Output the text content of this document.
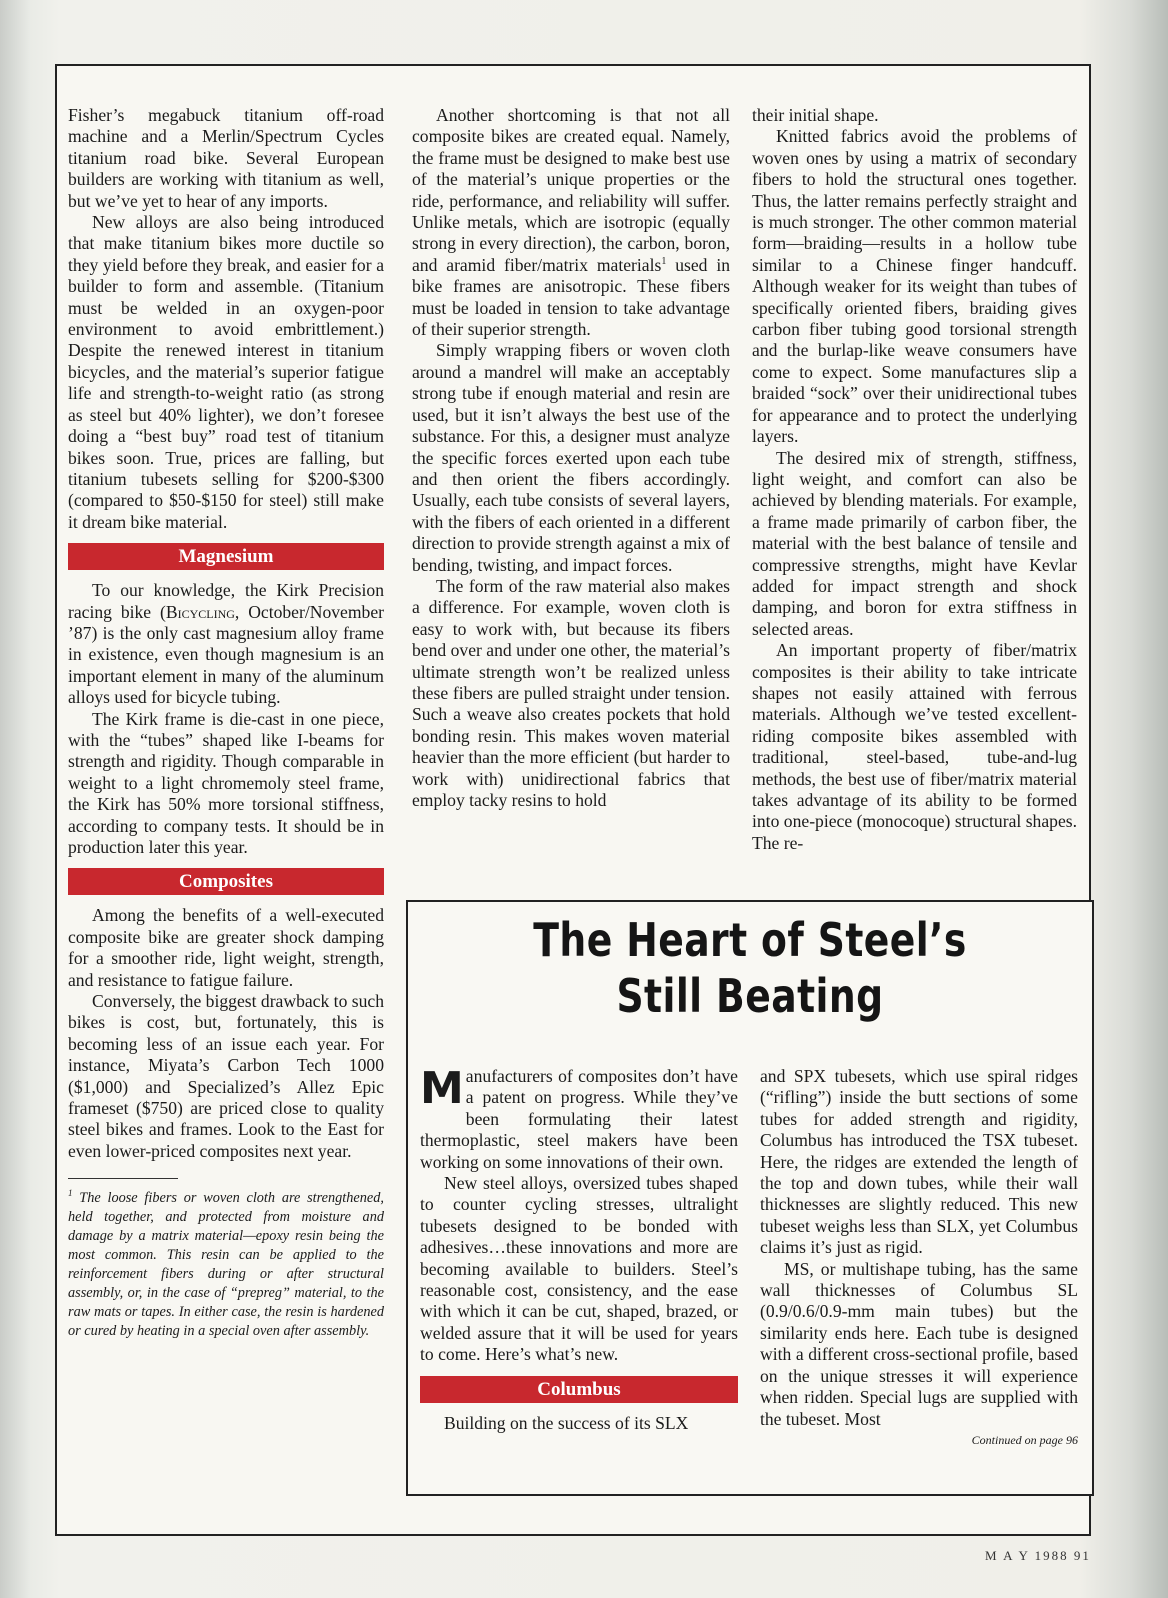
Fisher’s megabuck titanium off-road machine and a Merlin/Spectrum Cycles titanium road bike. Several European builders are working with titanium as well, but we’ve yet to hear of any imports.

New alloys are also being introduced that make titanium bikes more ductile so they yield before they break, and easier for a builder to form and assemble. (Titanium must be welded in an oxygen-poor environment to avoid embrittlement.) Despite the renewed interest in titanium bicycles, and the material’s superior fatigue life and strength-to-weight ratio (as strong as steel but 40% lighter), we don’t foresee doing a “best buy” road test of titanium bikes soon. True, prices are falling, but titanium tubesets selling for $200-$300 (compared to $50-$150 for steel) still make it dream bike material.

Magnesium

To our knowledge, the Kirk Precision racing bike (Bicycling, October/November ’87) is the only cast magnesium alloy frame in existence, even though magnesium is an important element in many of the aluminum alloys used for bicycle tubing.

The Kirk frame is die-cast in one piece, with the “tubes” shaped like I-beams for strength and rigidity. Though comparable in weight to a light chromemoly steel frame, the Kirk has 50% more torsional stiffness, according to company tests. It should be in production later this year.

Composites

Among the benefits of a well-executed composite bike are greater shock damping for a smoother ride, light weight, strength, and resistance to fatigue failure.

Conversely, the biggest drawback to such bikes is cost, but, fortunately, this is becoming less of an issue each year. For instance, Miyata’s Carbon Tech 1000 ($1,000) and Specialized’s Allez Epic frameset ($750) are priced close to quality steel bikes and frames. Look to the East for even lower-priced composites next year.

$^1$ The loose fibers or woven cloth are strengthened, held together, and protected from moisture and damage by a matrix material—epoxy resin being the most common. This resin can be applied to the reinforcement fibers during or after structural assembly, or, in the case of “prepreg” material, to the raw mats or tapes. In either case, the resin is hardened or cured by heating in a special oven after assembly.

Another shortcoming is that not all composite bikes are created equal. Namely, the frame must be designed to make best use of the material’s unique properties or the ride, performance, and reliability will suffer. Unlike metals, which are isotropic (equally strong in every direction), the carbon, boron, and aramid fiber/matrix materials$^1$ used in bike frames are anisotropic. These fibers must be loaded in tension to take advantage of their superior strength.

Simply wrapping fibers or woven cloth around a mandrel will make an acceptably strong tube if enough material and resin are used, but it isn’t always the best use of the substance. For this, a designer must analyze the specific forces exerted upon each tube and then orient the fibers accordingly. Usually, each tube consists of several layers, with the fibers of each oriented in a different direction to provide strength against a mix of bending, twisting, and impact forces.

The form of the raw material also makes a difference. For example, woven cloth is easy to work with, but because its fibers bend over and under one other, the material’s ultimate strength won’t be realized unless these fibers are pulled straight under tension. Such a weave also creates pockets that hold bonding resin. This makes woven material heavier than the more efficient (but harder to work with) unidirectional fabrics that employ tacky resins to hold

their initial shape.

Knitted fabrics avoid the problems of woven ones by using a matrix of secondary fibers to hold the structural ones together. Thus, the latter remains perfectly straight and is much stronger. The other common material form—braiding—results in a hollow tube similar to a Chinese finger handcuff. Although weaker for its weight than tubes of specifically oriented fibers, braiding gives carbon fiber tubing good torsional strength and the burlap-like weave consumers have come to expect. Some manufactures slip a braided “sock” over their unidirectional tubes for appearance and to protect the underlying layers.

The desired mix of strength, stiffness, light weight, and comfort can also be achieved by blending materials. For example, a frame made primarily of carbon fiber, the material with the best balance of tensile and compressive strengths, might have Kevlar added for impact strength and shock damping, and boron for extra stiffness in selected areas.

An important property of fiber/matrix composites is their ability to take intricate shapes not easily attained with ferrous materials. Although we’ve tested excellent-riding composite bikes assembled with traditional, steel-based, tube-and-lug methods, the best use of fiber/matrix material takes advantage of its ability to be formed into one-piece (monocoque) structural shapes. The re-

The Heart of Steel’s
Still Beating

Manufacturers of composites don’t have a patent on progress. While they’ve been formulating their latest thermoplastic, steel makers have been working on some innovations of their own.

New steel alloys, oversized tubes shaped to counter cycling stresses, ultralight tubesets designed to be bonded with adhesives…these innovations and more are becoming available to builders. Steel’s reasonable cost, consistency, and the ease with which it can be cut, shaped, brazed, or welded assure that it will be used for years to come. Here’s what’s new.

Columbus

Building on the success of its SLX

and SPX tubesets, which use spiral ridges (“rifling”) inside the butt sections of some tubes for added strength and rigidity, Columbus has introduced the TSX tubeset. Here, the ridges are extended the length of the top and down tubes, while their wall thicknesses are slightly reduced. This new tubeset weighs less than SLX, yet Columbus claims it’s just as rigid.

MS, or multishape tubing, has the same wall thicknesses of Columbus SL (0.9/0.6/0.9-mm main tubes) but the similarity ends here. Each tube is designed with a different cross-sectional profile, based on the unique stresses it will experience when ridden. Special lugs are supplied with the tubeset. Most

Continued on page 96

M A Y 1988 91
